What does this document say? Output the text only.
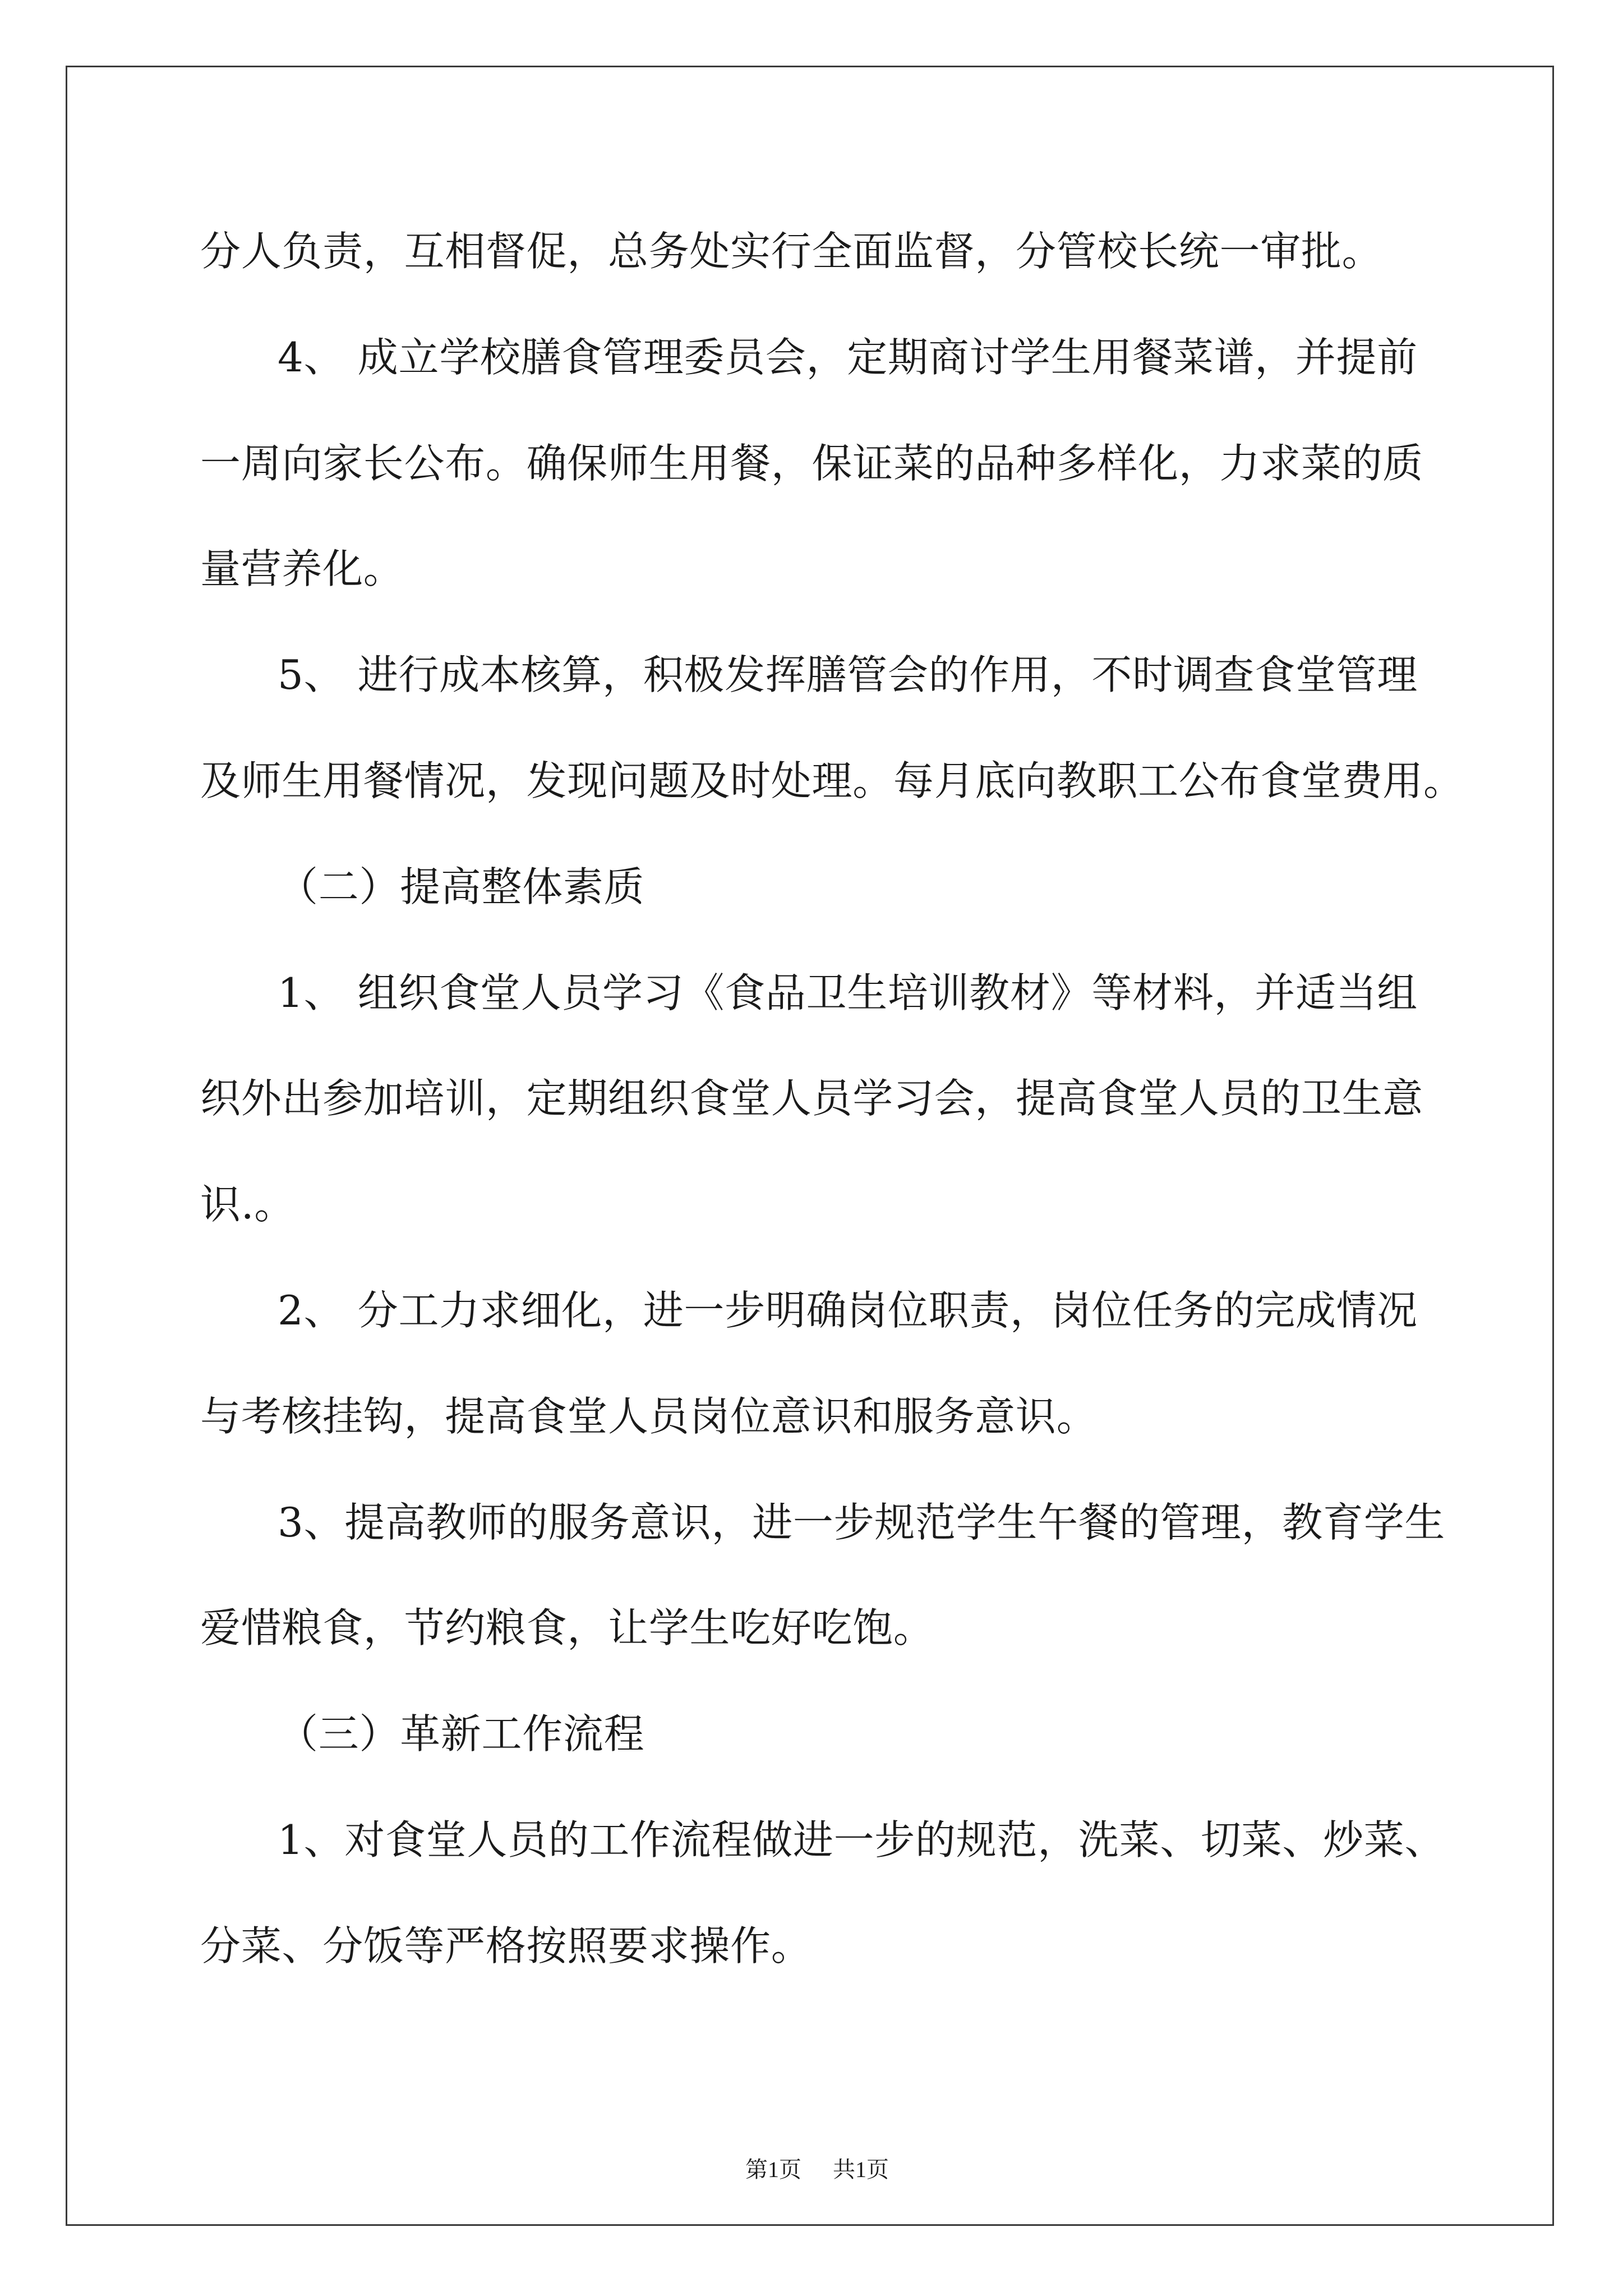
分人负责，互相督促，总务处实行全面监督，分管校长统一审批。
4、 成立学校膳食管理委员会，定期商讨学生用餐菜谱，并提前
一周向家长公布。确保师生用餐，保证菜的品种多样化，力求菜的质
量营养化。
5、 进行成本核算，积极发挥膳管会的作用，不时调查食堂管理
及师生用餐情况，发现问题及时处理。每月底向教职工公布食堂费用。
（二）提高整体素质
1、 组织食堂人员学习《食品卫生培训教材》等材料，并适当组
织外出参加培训，定期组织食堂人员学习会，提高食堂人员的卫生意
识.。
2、 分工力求细化，进一步明确岗位职责，岗位任务的完成情况
与考核挂钩，提高食堂人员岗位意识和服务意识。
3、提高教师的服务意识，进一步规范学生午餐的管理，教育学生
爱惜粮食，节约粮食，让学生吃好吃饱。
（三）革新工作流程
1、对食堂人员的工作流程做进一步的规范，洗菜、切菜、炒菜、
分菜、分饭等严格按照要求操作。

第1页 共1页
